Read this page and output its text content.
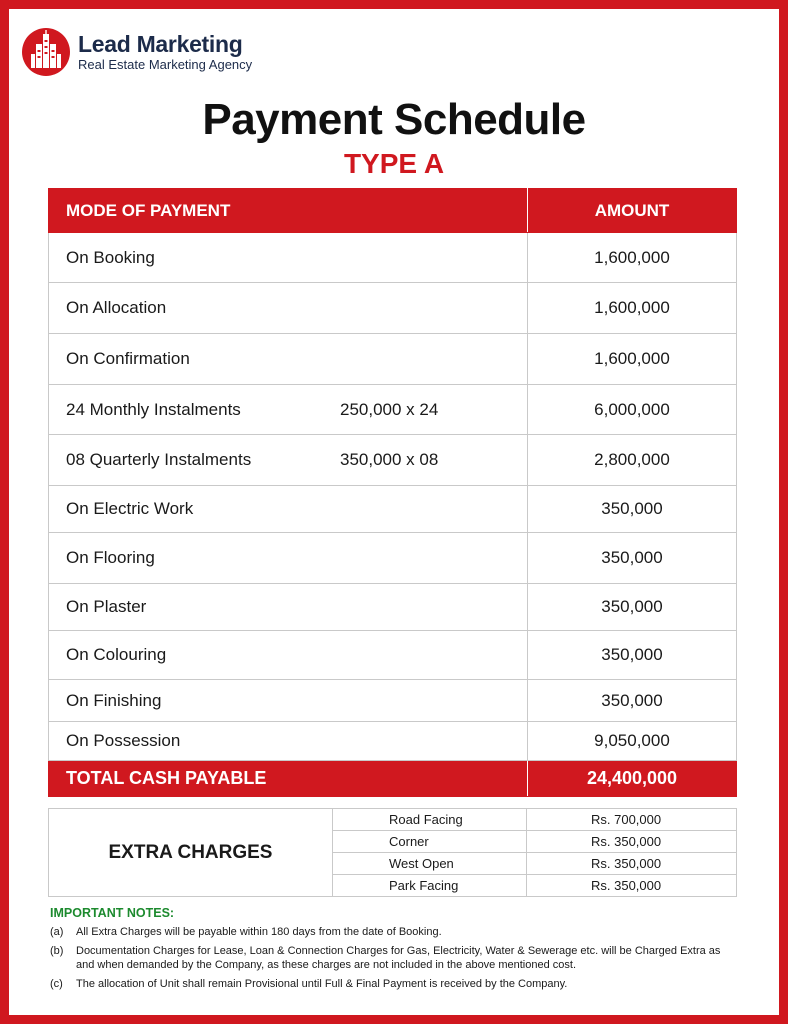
Lead Marketing
Real Estate Marketing Agency
Payment Schedule
TYPE A
MODE OF PAYMENT	AMOUNT

On Booking	1,600,000

On Allocation	1,600,000

On Confirmation	1,600,000

24 Monthly Instalments 250,000 x 24	6,000,000

08 Quarterly Instalments 350,000 x 08	2,800,000

On Electric Work	350,000

On Flooring	350,000

On Plaster	350,000

On Colouring	350,000

On Finishing	350,000

On Possession	9,050,000
TOTAL CASH PAYABLE	24,400,000
EXTRA CHARGES	Road Facing	Rs. 700,000
	Corner	Rs. 350,000
	West Open	Rs. 350,000
	Park Facing	Rs. 350,000
IMPORTANT NOTES:
(a)	All Extra Charges will be payable within 180 days from the date of Booking.
(b)	Documentation Charges for Lease, Loan & Connection Charges for Gas, Electricity, Water & Sewerage etc. will be Charged Extra as and when demanded by the Company, as these charges are not included in the above mentioned cost.
(c)	The allocation of Unit shall remain Provisional until Full & Final Payment is received by the Company.
